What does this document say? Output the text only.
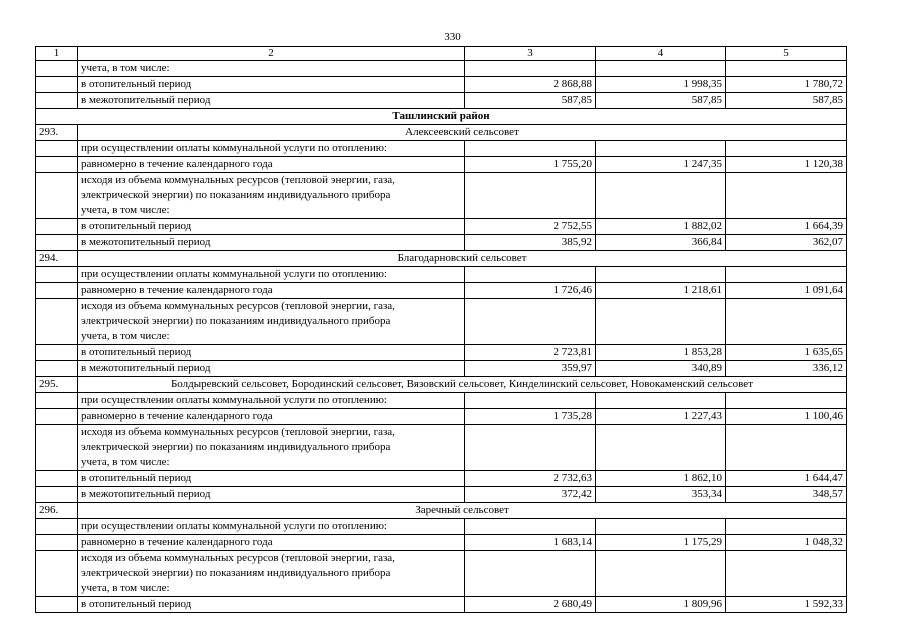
330
1	2	3	4	5
	учета, в том числе:			
	в отопительный период	2 868,88	1 998,35	1 780,72
	в межотопительный период	587,85	587,85	587,85
Ташлинский район				
293.	Алексеевский сельсовет			
	при осуществлении оплаты коммунальной услуги по отоплению:			
	равномерно в течение календарного года	1 755,20	1 247,35	1 120,38

	исходя из объема коммунальных ресурсов (тепловой энергии, газа,
электрической энергии) по показаниям индивидуального прибора
учета, в том числе:			

	в отопительный период	2 752,55	1 882,02	1 664,39
	в межотопительный период	385,92	366,84	362,07
294.	Благодарновский сельсовет			
	при осуществлении оплаты коммунальной услуги по отоплению:			
	равномерно в течение календарного года	1 726,46	1 218,61	1 091,64

	исходя из объема коммунальных ресурсов (тепловой энергии, газа,
электрической энергии) по показаниям индивидуального прибора
учета, в том числе:			

	в отопительный период	2 723,81	1 853,28	1 635,65
	в межотопительный период	359,97	340,89	336,12
295.	Болдыревский сельсовет, Бородинский сельсовет, Вязовский сельсовет, Кинделинский сельсовет, Новокаменский сельсовет			
	при осуществлении оплаты коммунальной услуги по отоплению:			
	равномерно в течение календарного года	1 735,28	1 227,43	1 100,46

	исходя из объема коммунальных ресурсов (тепловой энергии, газа,
электрической энергии) по показаниям индивидуального прибора
учета, в том числе:			

	в отопительный период	2 732,63	1 862,10	1 644,47
	в межотопительный период	372,42	353,34	348,57
296.	Заречный сельсовет			
	при осуществлении оплаты коммунальной услуги по отоплению:			
	равномерно в течение календарного года	1 683,14	1 175,29	1 048,32

	исходя из объема коммунальных ресурсов (тепловой энергии, газа,
электрической энергии) по показаниям индивидуального прибора
учета, в том числе:			

	в отопительный период	2 680,49	1 809,96	1 592,33
